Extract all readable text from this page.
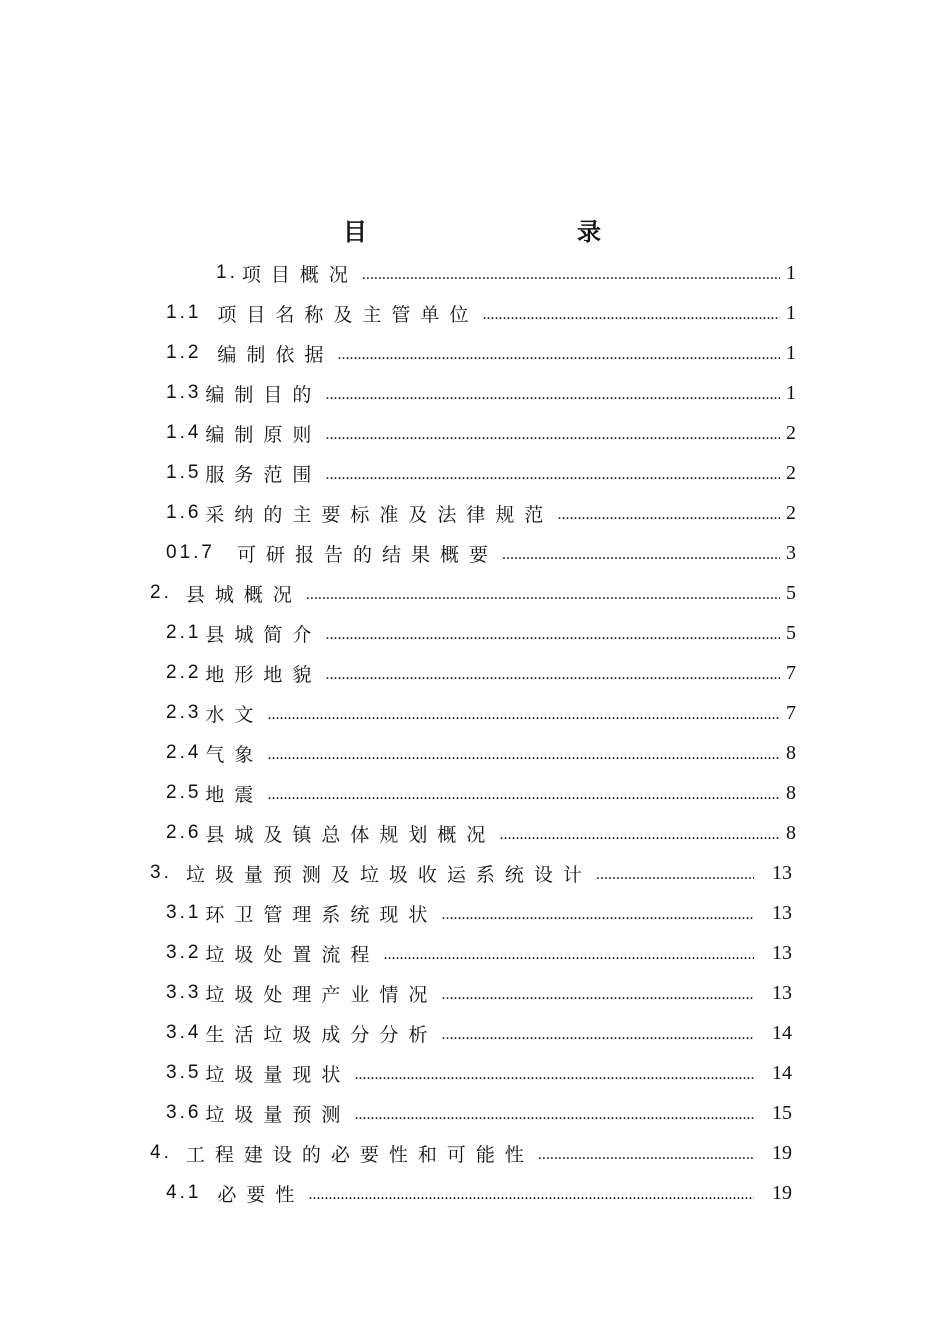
目　　录
1. 项目概况 .....	1
1.1 项目名称及主管单位 .....	1
1.2 编制依据 .....	1
1.3 编制目的 .....	1
1.4 编制原则 .....	2
1.5 服务范围 .....	2
1.6 采纳的主要标准及法律规范 .....	2
01.7	可研报告的结果概要 .....	3
2. 县城概况 .....	5
2.1 县城简介 .....	5
2.2 地形地貌 .....	7
2.3 水文 .....	7
2.4 气象 .....	8
2.5 地震 .....	8
2.6 县城及镇总体规划概况 .....	8
3. 垃圾量预测及垃圾收运系统设计 .....	13
3.1 环卫管理系统现状 .....	13
3.2 垃圾处置流程 .....	13
3.3 垃圾处理产业情况 .....	13
3.4 生活垃圾成分分析 .....	14
3.5 垃圾量现状 .....	14
3.6 垃圾量预测 .....	15
4. 工程建设的必要性和可能性 .....	19
4.1 必要性 .....	19
